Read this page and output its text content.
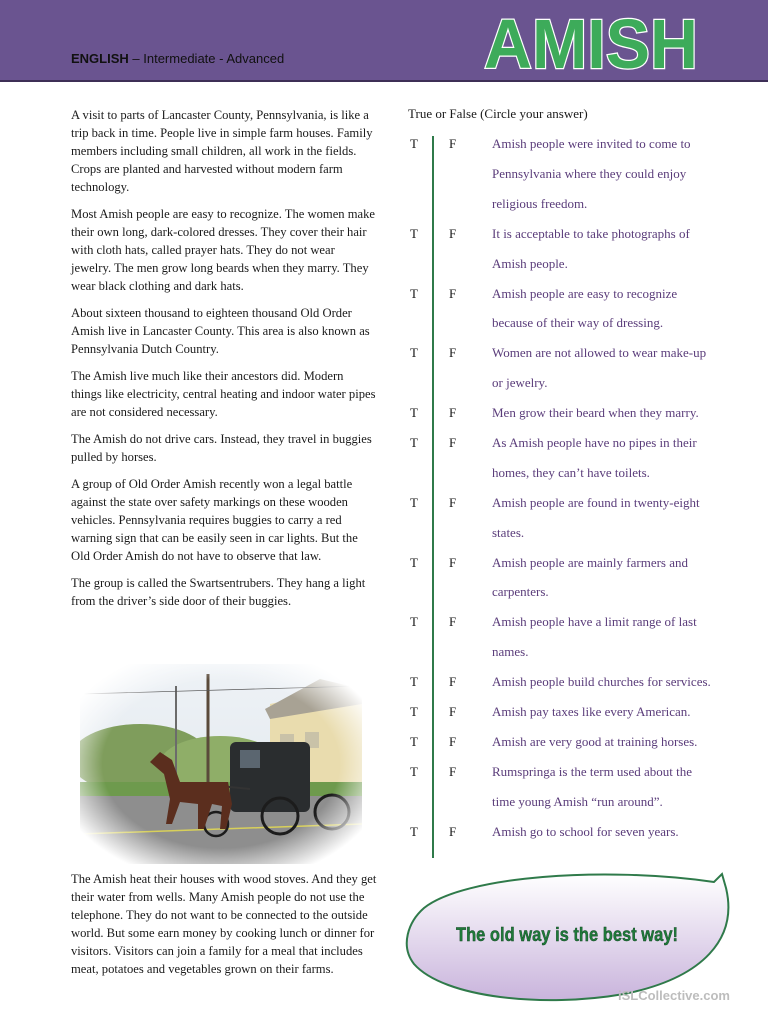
ENGLISH – Intermediate - Advanced	AMISH

A visit to parts of Lancaster County, Pennsylvania, is like a trip back in time. People live in simple farm houses. Family members including small children, all work in the fields. Crops are planted and harvested without modern farm technology.

Most Amish people are easy to recognize. The women make their own long, dark-colored dresses. They cover their hair with cloth hats, called prayer hats. They do not wear jewelry. The men grow long beards when they marry. They wear black clothing and dark hats.

About sixteen thousand to eighteen thousand Old Order Amish live in Lancaster County. This area is also known as Pennsylvania Dutch Country.

The Amish live much like their ancestors did. Modern things like electricity, central heating and indoor water pipes are not considered necessary.

The Amish do not drive cars. Instead, they travel in buggies pulled by horses.

A group of Old Order Amish recently won a legal battle against the state over safety markings on these wooden vehicles. Pennsylvania requires buggies to carry a red warning sign that can be easily seen in car lights. But the Old Order Amish do not have to observe that law.

The group is called the Swartsentrubers. They hang a light from the driver’s side door of their buggies.

The Amish heat their houses with wood stoves. And they get their water from wells. Many Amish people do not use the telephone. They do not want to be connected to the outside world. But some earn money by cooking lunch or dinner for visitors. Visitors can join a family for a meal that includes meat, potatoes and vegetables grown on their farms.
True or False (Circle your answer)
T F	Amish people were invited to come to
Pennsylvania where they could enjoy
religious freedom.
T F	It is acceptable to take photographs of
Amish people.
T F	Amish people are easy to recognize
because of their way of dressing.
T F	Women are not allowed to wear make-up
or jewelry.
T F	Men grow their beard when they marry.
T F	As Amish people have no pipes in their
homes, they can’t have toilets.
T F	Amish people are found in twenty-eight
states.
T F	Amish people are mainly farmers and
carpenters.
T F	Amish people have a limit range of last
names.
T F	Amish people build churches for services.
T F	Amish pay taxes like every American.
T F	Amish are very good at training horses.
T F	Rumspringa is the term used about the
time young Amish “run around”.
T F	Amish go to school for seven years.
The old way is the best way!
iSLCollective.com
